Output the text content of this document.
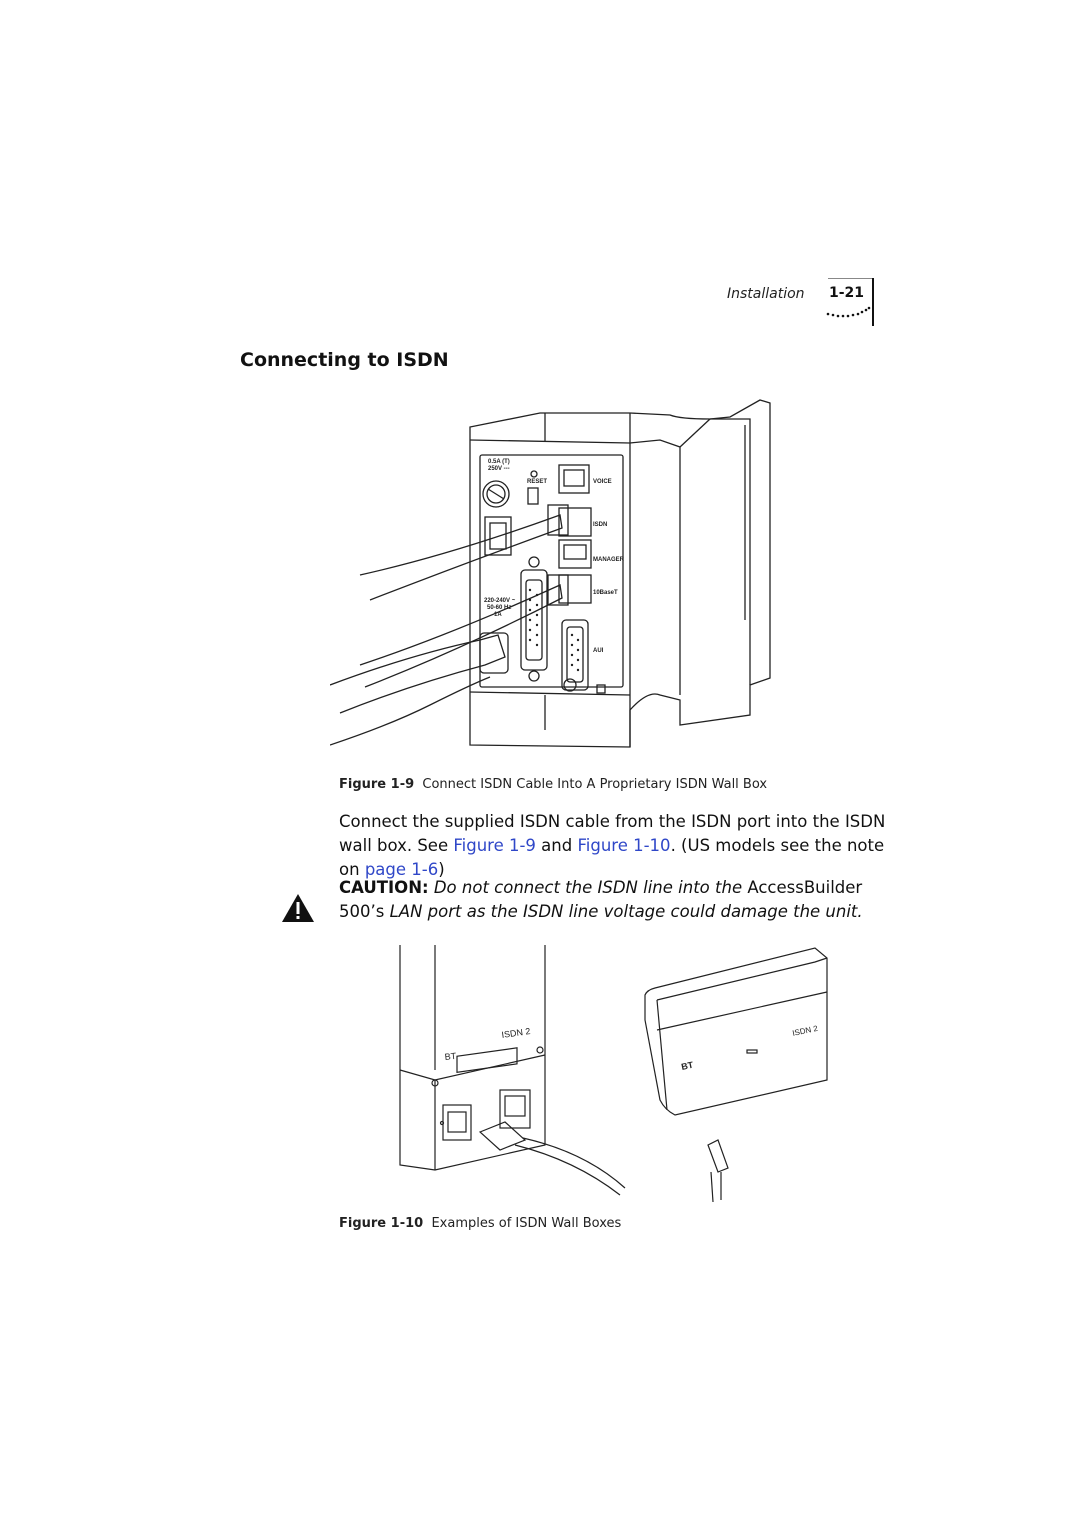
Installation 1-21
Connecting to ISDN
0.5A (T)
250V ---
RESET	VOICE
ISDN
MANAGER
10BaseT
220-240V ~
50-60 Hz
1A
AUI
Figure 1-9 Connect ISDN Cable Into A Proprietary ISDN Wall Box

Connect the supplied ISDN cable from the ISDN port into the ISDN wall box. See Figure 1-9 and Figure 1-10. (US models see the note on page 1-6)

CAUTION: Do not connect the ISDN line into the AccessBuilder 500’s LAN port as the ISDN line voltage could damage the unit.

BT
ISDN 2
BT
ISDN 2
Figure 1-10 Examples of ISDN Wall Boxes
